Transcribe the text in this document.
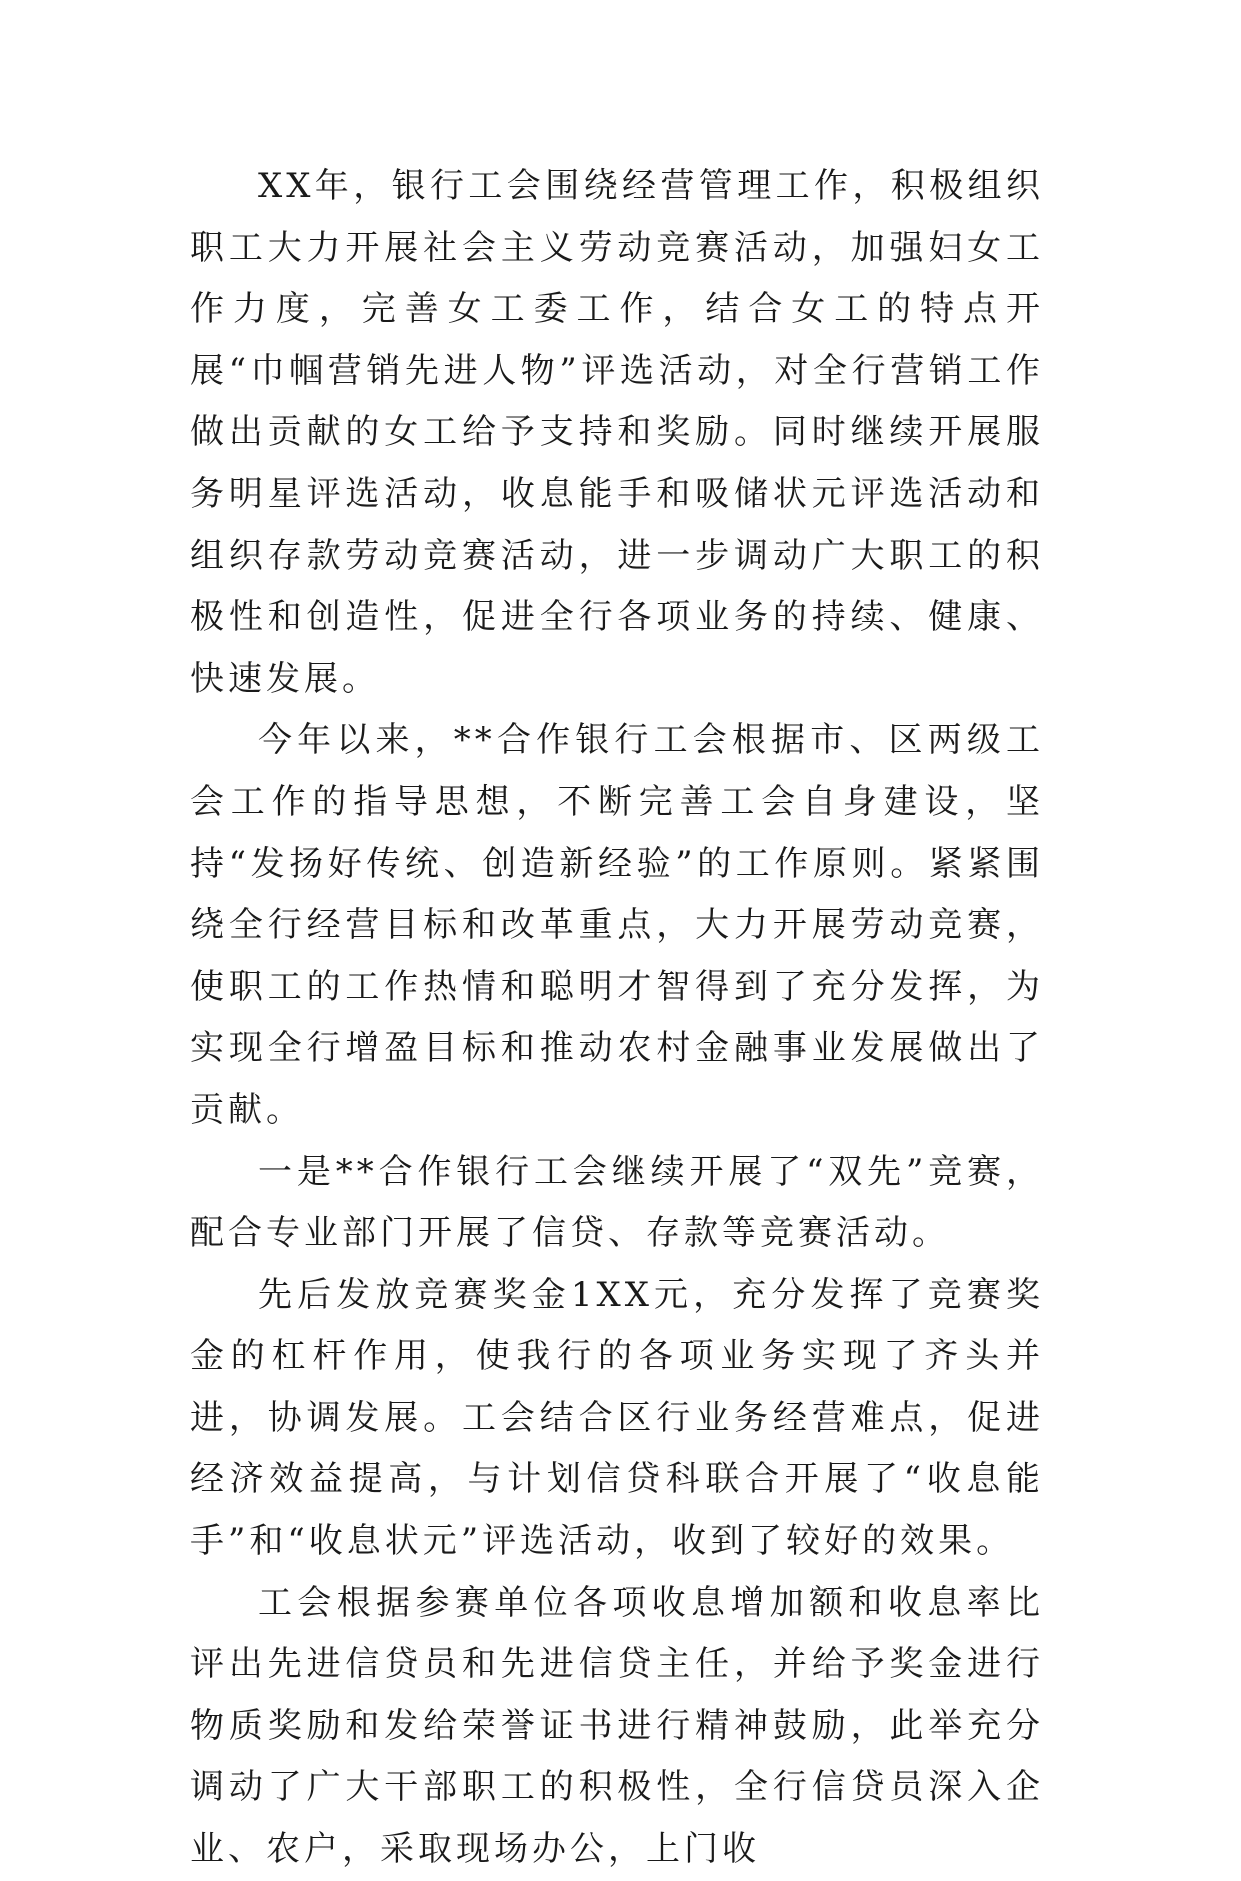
XX年，银行工会围绕经营管理工作，积极组织职工大力开展社会主义劳动竞赛活动，加强妇女工作力度，完善女工委工作，结合女工的特点开展“巾帼营销先进人物”评选活动，对全行营销工作做出贡献的女工给予支持和奖励。同时继续开展服务明星评选活动，收息能手和吸储状元评选活动和组织存款劳动竞赛活动，进一步调动广大职工的积极性和创造性，促进全行各项业务的持续、健康、快速发展。

今年以来，**合作银行工会根据市、区两级工会工作的指导思想，不断完善工会自身建设，坚持“发扬好传统、创造新经验”的工作原则。紧紧围绕全行经营目标和改革重点，大力开展劳动竞赛，使职工的工作热情和聪明才智得到了充分发挥，为实现全行增盈目标和推动农村金融事业发展做出了贡献。

一是**合作银行工会继续开展了“双先”竞赛，配合专业部门开展了信贷、存款等竞赛活动。

先后发放竞赛奖金1XX元，充分发挥了竞赛奖金的杠杆作用，使我行的各项业务实现了齐头并进，协调发展。工会结合区行业务经营难点，促进经济效益提高，与计划信贷科联合开展了“收息能手”和“收息状元”评选活动，收到了较好的效果。

工会根据参赛单位各项收息增加额和收息率比评出先进信贷员和先进信贷主任，并给予奖金进行物质奖励和发给荣誉证书进行精神鼓励，此举充分调动了广大干部职工的积极性，全行信贷员深入企业、农户，采取现场办公，上门收
